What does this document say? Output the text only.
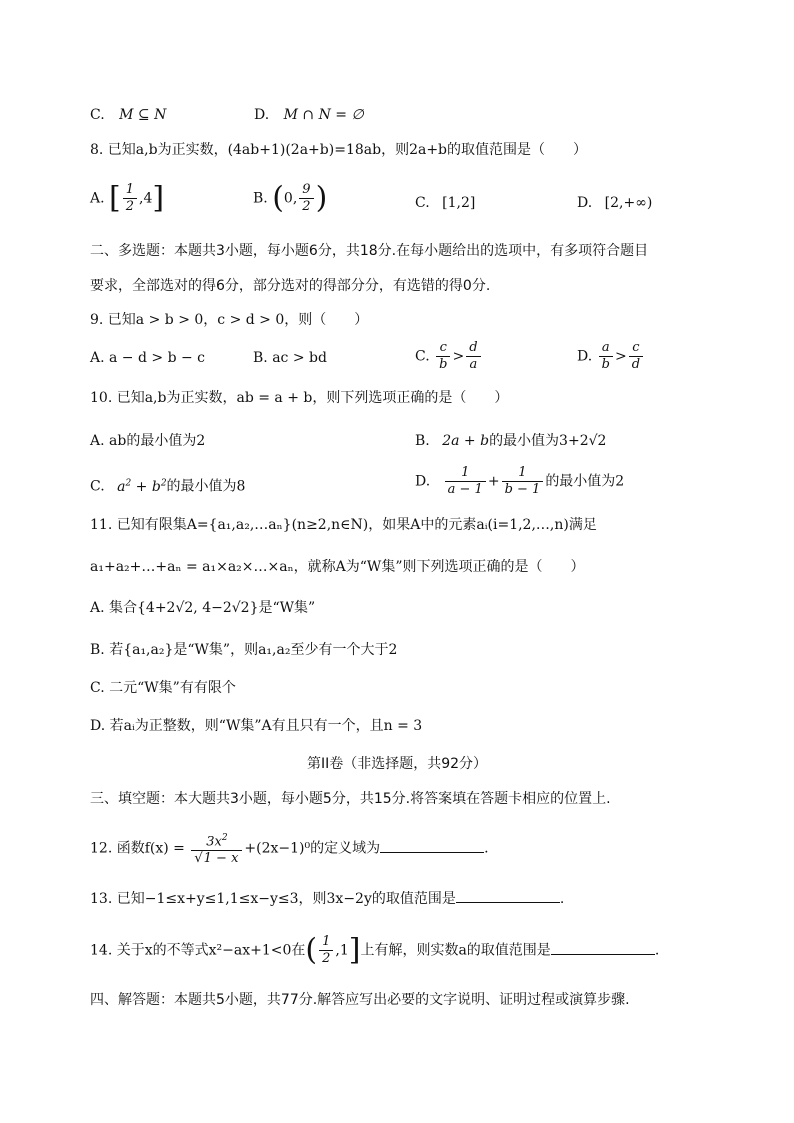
C. M ⊆ N	D. M ∩ N = ∅
8. 已知a,b为正实数，(4ab+1)(2a+b)=18ab，则2a+b的取值范围是（　　）
A. [ $\frac{1}{2} ,4$]	B. (0, $\frac{9}{2}$ )	C. [1,2]	D. [2,+∞)
二、多选题：本题共3小题，每小题6分，共18分.在每小题给出的选项中，有多项符合题目
要求，全部选对的得6分，部分选对的得部分分，有选错的得0分.
9. 已知a > b > 0，c > d > 0，则（　　）
A. a − d > b − c	B. ac > bd	C. $\frac{c}{b} > \frac{d}{a}$	D. $\frac{a}{b} > \frac{c}{d}$
10. 已知a,b为正实数，ab = a + b，则下列选项正确的是（　　）
A. ab的最小值为2	B. 2a + b的最小值为3+2√2
C. $a^2 + b^2$的最小值为8	D. $\frac{1}{a - 1} + \frac{1}{b - 1}$ 的最小值为2
11. 已知有限集A={a₁,a₂,…aₙ}(n≥2,n∈N)，如果A中的元素aᵢ(i=1,2,…,n)满足
a₁+a₂+…+aₙ = a₁×a₂×…×aₙ，就称A为“W集”则下列选项正确的是（　　）
A. 集合{4+2√2, 4−2√2}是“W集”
B. 若{a₁,a₂}是“W集”，则a₁,a₂至少有一个大于2
C. 二元“W集”有有限个
D. 若aᵢ为正整数，则“W集”A有且只有一个，且n = 3
第II卷（非选择题，共92分）
三、填空题：本大题共3小题，每小题5分，共15分.将答案填在答题卡相应的位置上.
12. 函数$f(x) = \frac{3x^2}{√1 - x} +(2x-1)^0$的定义域为	.
13. 已知−1≤x+y≤1,1≤x−y≤3，则3x−2y的取值范围是	.
14. 关于x的不等式x²−ax+1<0在( $\frac{1}{2} ,1$]上有解，则实数a的取值范围是	.
四、解答题：本题共5小题，共77分.解答应写出必要的文字说明、证明过程或演算步骤.
